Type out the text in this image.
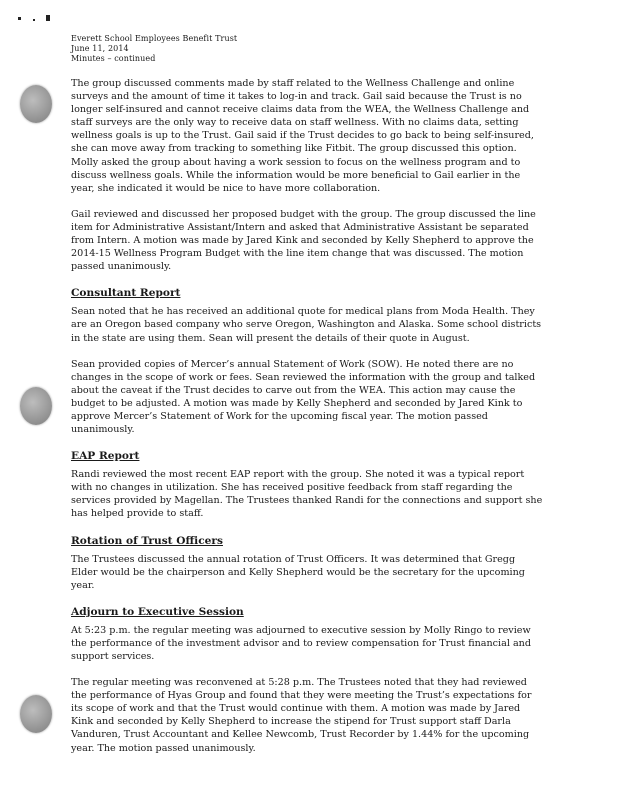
Everett School Employees Benefit Trust
June 11, 2014
Minutes – continued

The group discussed comments made by staff related to the Wellness Challenge and online surveys and the amount of time it takes to log-in and track. Gail said because the Trust is no longer self-insured and cannot receive claims data from the WEA, the Wellness Challenge and staff surveys are the only way to receive data on staff wellness. With no claims data, setting wellness goals is up to the Trust. Gail said if the Trust decides to go back to being self-insured, she can move away from tracking to something like Fitbit. The group discussed this option. Molly asked the group about having a work session to focus on the wellness program and to discuss wellness goals. While the information would be more beneficial to Gail earlier in the year, she indicated it would be nice to have more collaboration.

Gail reviewed and discussed her proposed budget with the group. The group discussed the line item for Administrative Assistant/Intern and asked that Administrative Assistant be separated from Intern. A motion was made by Jared Kink and seconded by Kelly Shepherd to approve the 2014-15 Wellness Program Budget with the line item change that was discussed. The motion passed unanimously.

Consultant Report

Sean noted that he has received an additional quote for medical plans from Moda Health. They are an Oregon based company who serve Oregon, Washington and Alaska. Some school districts in the state are using them. Sean will present the details of their quote in August.

Sean provided copies of Mercer’s annual Statement of Work (SOW). He noted there are no changes in the scope of work or fees. Sean reviewed the information with the group and talked about the caveat if the Trust decides to carve out from the WEA. This action may cause the budget to be adjusted. A motion was made by Kelly Shepherd and seconded by Jared Kink to approve Mercer’s Statement of Work for the upcoming fiscal year. The motion passed unanimously.

EAP Report

Randi reviewed the most recent EAP report with the group. She noted it was a typical report with no changes in utilization. She has received positive feedback from staff regarding the services provided by Magellan. The Trustees thanked Randi for the connections and support she has helped provide to staff.

Rotation of Trust Officers

The Trustees discussed the annual rotation of Trust Officers. It was determined that Gregg Elder would be the chairperson and Kelly Shepherd would be the secretary for the upcoming year.

Adjourn to Executive Session

At 5:23 p.m. the regular meeting was adjourned to executive session by Molly Ringo to review the performance of the investment advisor and to review compensation for Trust financial and support services.

The regular meeting was reconvened at 5:28 p.m. The Trustees noted that they had reviewed the performance of Hyas Group and found that they were meeting the Trust’s expectations for its scope of work and that the Trust would continue with them. A motion was made by Jared Kink and seconded by Kelly Shepherd to increase the stipend for Trust support staff Darla Vanduren, Trust Accountant and Kellee Newcomb, Trust Recorder by 1.44% for the upcoming year. The motion passed unanimously.
